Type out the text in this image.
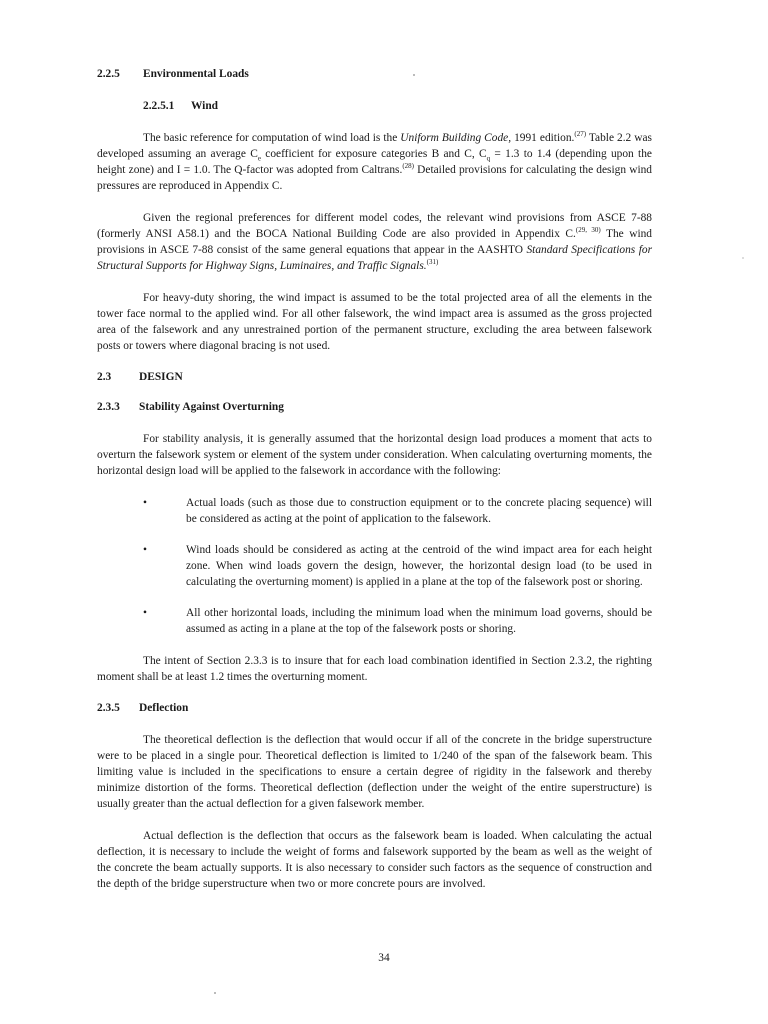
2.2.5 Environmental Loads

2.2.5.1 Wind

The basic reference for computation of wind load is the Uniform Building Code, 1991 edition.$^{(27)}$ Table 2.2 was developed assuming an average $C_e$ coefficient for exposure categories B and C, $C_q = 1.3$ to 1.4 (depending upon the height zone) and I = 1.0. The Q-factor was adopted from Caltrans.$^{(28)}$ Detailed provisions for calculating the design wind pressures are reproduced in Appendix C.

Given the regional preferences for different model codes, the relevant wind provisions from ASCE 7-88 (formerly ANSI A58.1) and the BOCA National Building Code are also provided in Appendix C.$^{(29, 30)}$ The wind provisions in ASCE 7-88 consist of the same general equations that appear in the AASHTO Standard Specifications for Structural Supports for Highway Signs, Luminaires, and Traffic Signals.$^{(31)}$

For heavy-duty shoring, the wind impact is assumed to be the total projected area of all the elements in the tower face normal to the applied wind. For all other falsework, the wind impact area is assumed as the gross projected area of the falsework and any unrestrained portion of the permanent structure, excluding the area between falsework posts or towers where diagonal bracing is not used.

2.3 DESIGN

2.3.3 Stability Against Overturning

For stability analysis, it is generally assumed that the horizontal design load produces a moment that acts to overturn the falsework system or element of the system under consideration. When calculating overturning moments, the horizontal design load will be applied to the falsework in accordance with the following:

•	Actual loads (such as those due to construction equipment or to the concrete placing sequence) will be considered as acting at the point of application to the falsework.
•	Wind loads should be considered as acting at the centroid of the wind impact area for each height zone. When wind loads govern the design, however, the horizontal design load (to be used in calculating the overturning moment) is applied in a plane at the top of the falsework post or shoring.
•	All other horizontal loads, including the minimum load when the minimum load governs, should be assumed as acting in a plane at the top of the falsework posts or shoring.

The intent of Section 2.3.3 is to insure that for each load combination identified in Section 2.3.2, the righting moment shall be at least 1.2 times the overturning moment.

2.3.5 Deflection

The theoretical deflection is the deflection that would occur if all of the concrete in the bridge superstructure were to be placed in a single pour. Theoretical deflection is limited to 1/240 of the span of the falsework beam. This limiting value is included in the specifications to ensure a certain degree of rigidity in the falsework and thereby minimize distortion of the forms. Theoretical deflection (deflection under the weight of the entire superstructure) is usually greater than the actual deflection for a given falsework member.

Actual deflection is the deflection that occurs as the falsework beam is loaded. When calculating the actual deflection, it is necessary to include the weight of forms and falsework supported by the beam as well as the weight of the concrete the beam actually supports. It is also necessary to consider such factors as the sequence of construction and the depth of the bridge superstructure when two or more concrete pours are involved.

34
